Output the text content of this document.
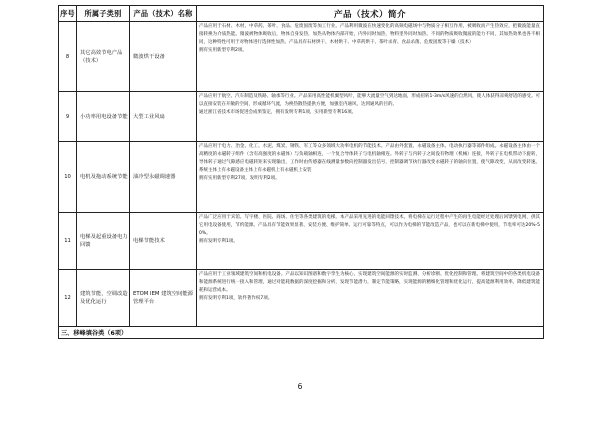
序号	所属子类别	产品（技术）名称	产品（技术）简介
8	其它高效节电产品（技术）	微波烘干设备	产品应用于石材、木材、中草药、茶叶、食品、危废固废等加工行业。产品利用微波在快速变化的高频电磁场中与物质分子相互作用，被吸收而产生热效应，把微波能量直接转换为介质热能。微波被物体吸收后，物体自身发热，加热从物体内部开始，内外同时加热，物料里外同时加热。不同的物质吸收微波的能力不同，其加热效果也各不相同，这种特性可用于对物体进行选择性加热。产品具有石材烘干、木材烘干、中草药烘干、茶叶杀青、食品杀菌、危废固废等干燥（技术）

拥有实用新型专利2项。

9	小功率用电设备节能	大型工业风扇	产品应用于航空、汽车制造及铁路、轴承等行业。产品采用高性能机翼型风叶，能够大流量空气到达地面，形成扭转1-3m/s风速的自然风，使人体获得凉爽舒适的感受。可以直接安装在开敞的空间，形成循环气流，为换热散热提供方便，加强室内通风，达到通风的目的。

通过浙江省技术市场促进会成果鉴定，拥有发明专利1项，实用新型专利16项。

10	电机及拖动系统节能	油冷型永磁调速器	产品应用于电力、冶金、化工、水泥、煤炭、钢铁、军工等众多领域大功率电机的节能技术。产品由外套置、永磁设备主体、电动执行器等部件组成。永磁设备主体由一个高精度的永磁转子组件（含有高强度的永磁体）与负载轴相连，一个复合导体转子与电机轴相连。外转子与内转子之间没有物理（机械）连接，外转子在电机带动下旋转，导体转子通过气隙感应电磁转矩来实现输出，工作时由传感器在线测量参数向控制器发出信号，控制器调节执行器改变永磁转子的轴向位置，使气隙改变，从而改变转速。系统主体上有永磁设备主体上有永磁机上有永磁机上安装

拥有实用新型专利27项，发明专利2项。

11	电梯及起重设备电力回馈	电梯节能技术	产品广泛应用于宾馆、写字楼、医院、商场、住宅等各类建筑的电梯。本产品采用先进的电能回馈技术，将电梯在运行过程中产生的再生电能经过处理后回馈到电网，供其它用电设备使用，节约能源。产品具有节能效果显著、安装方便、维护简单、运行可靠等特点，可以作为电梯的节能改造产品，也可以在新电梯中使用，节电率可达20%-50%。

拥有发明专利1项。

12	建筑节能，空调改造及优化运行	ETOM IEM 建筑空间能源管理平台	产品应用于工业领域建筑空间和机电设备。产品以知识图谱和数字孪生为核心，实现建筑空间能源的实时监测、分析诊断、优化控制和管理。将建筑空间中的各类机电设备和能源系统进行统一接入和管理，通过对能耗数据的深度挖掘和分析，发现节能潜力，制定节能策略，实现能源的精细化管理和优化运行，提高能源利用效率，降低建筑能耗和运营成本。

拥有发明专利1项，软件著作权7项。

三、移峰填谷类（6项）			
6
